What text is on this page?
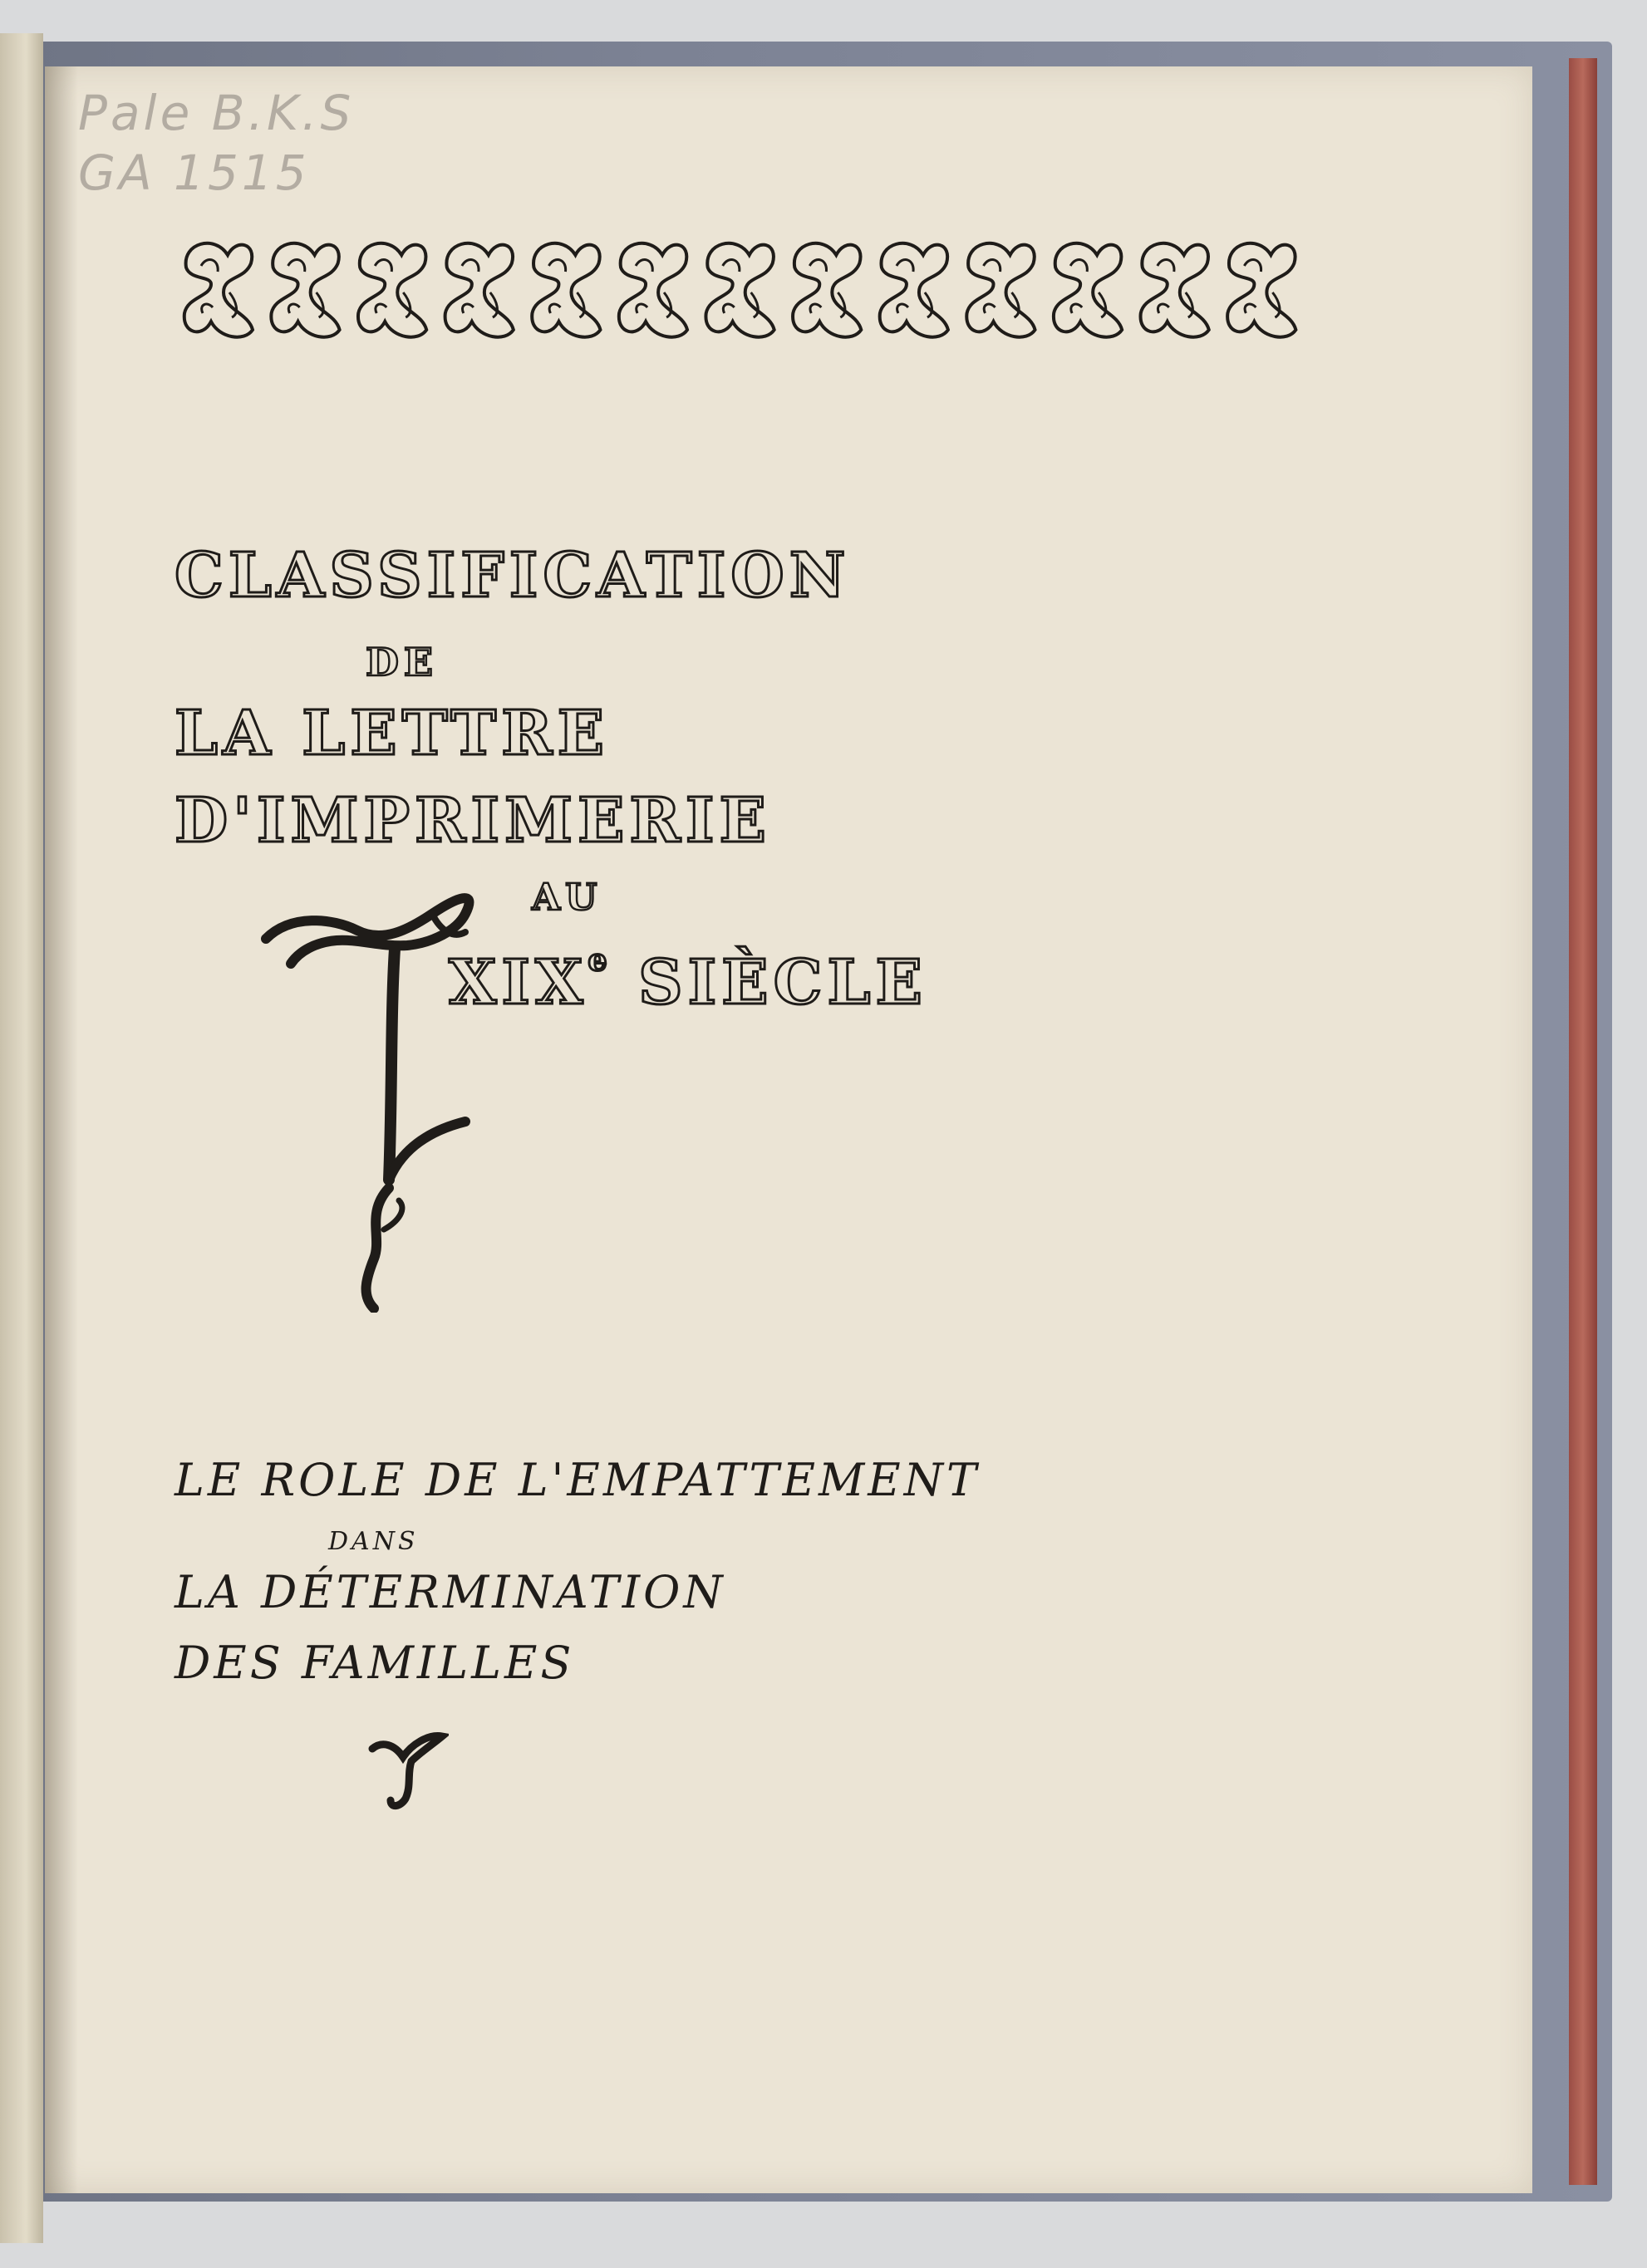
Pale B.K.S
GA 1515
CLASSIFICATION
DE
LA LETTRE
D'IMPRIMERIE
AU
XIXe SIÈCLE
LE ROLE DE L'EMPATTEMENT
DANS
LA DÉTERMINATION
DES FAMILLES
